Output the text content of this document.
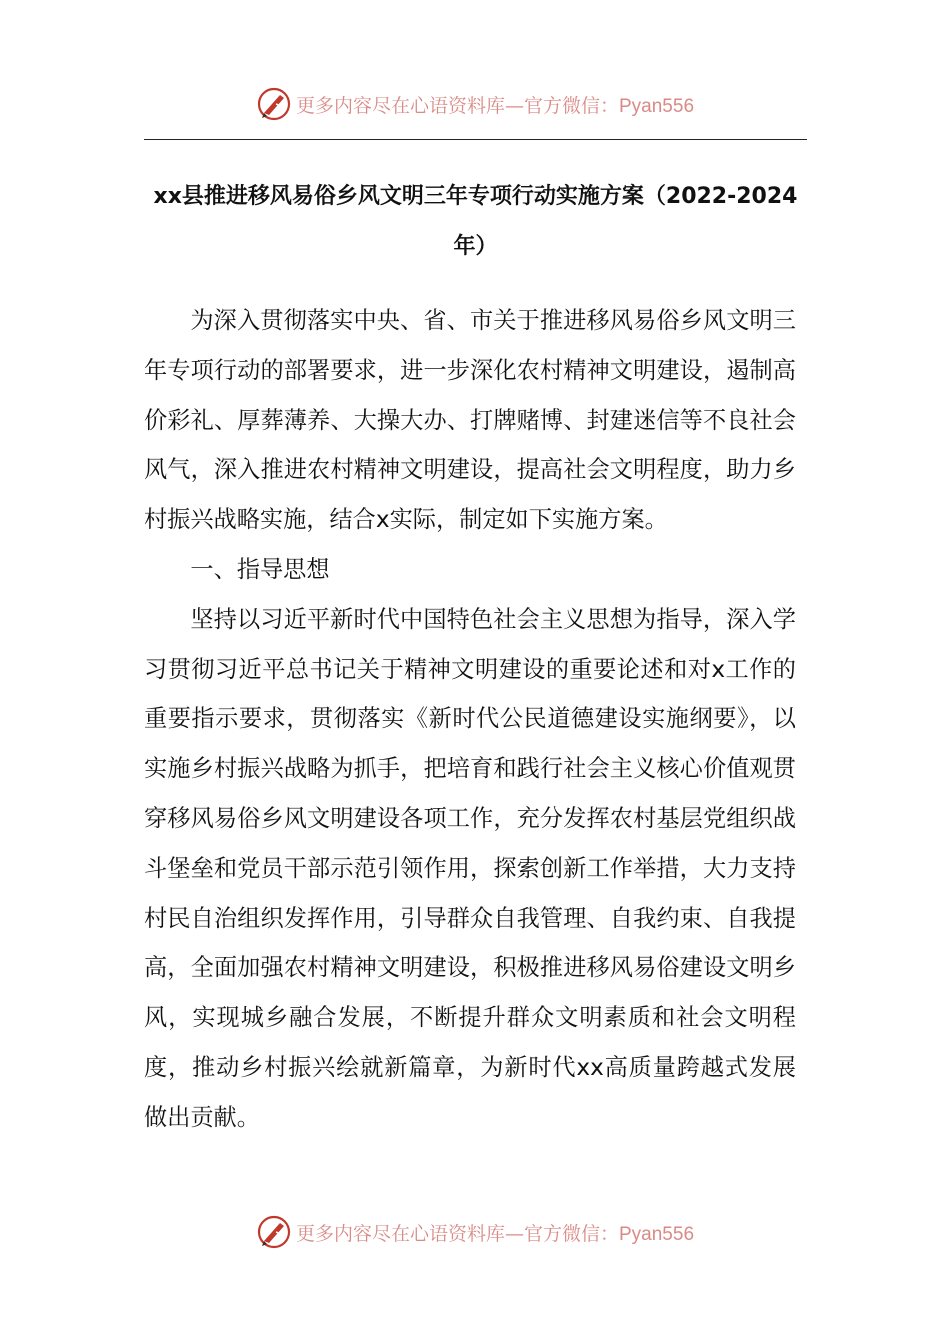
更多内容尽在心语资料库—官方微信：Pyan556
xx县推进移风易俗乡风文明三年专项行动实施方案（2022-2024年）

为深入贯彻落实中央、省、市关于推进移风易俗乡风文明三年专项行动的部署要求，进一步深化农村精神文明建设，遏制高价彩礼、厚葬薄养、大操大办、打牌赌博、封建迷信等不良社会风气，深入推进农村精神文明建设，提高社会文明程度，助力乡村振兴战略实施，结合x实际，制定如下实施方案。

一、指导思想

坚持以习近平新时代中国特色社会主义思想为指导，深入学习贯彻习近平总书记关于精神文明建设的重要论述和对x工作的重要指示要求，贯彻落实《新时代公民道德建设实施纲要》，以实施乡村振兴战略为抓手，把培育和践行社会主义核心价值观贯穿移风易俗乡风文明建设各项工作，充分发挥农村基层党组织战斗堡垒和党员干部示范引领作用，探索创新工作举措，大力支持村民自治组织发挥作用，引导群众自我管理、自我约束、自我提高，全面加强农村精神文明建设，积极推进移风易俗建设文明乡风，实现城乡融合发展，不断提升群众文明素质和社会文明程度，推动乡村振兴绘就新篇章，为新时代xx高质量跨越式发展做出贡献。

更多内容尽在心语资料库—官方微信：Pyan556
